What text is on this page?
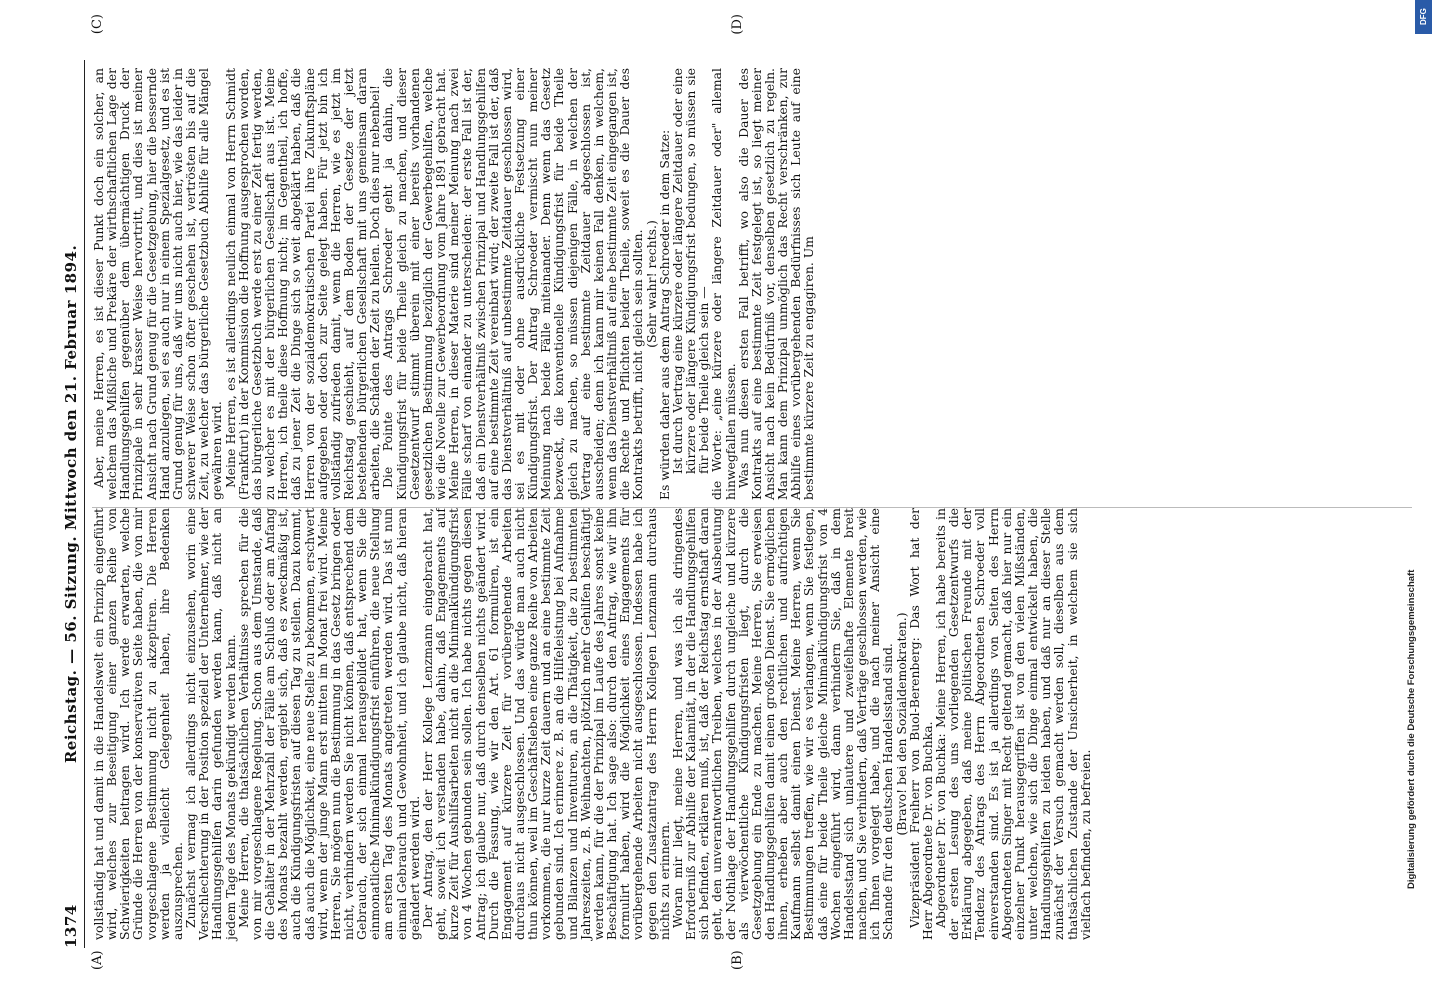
1374
Reichstag. — 56. Sitzung. Mittwoch den 21. Februar 1894. vollständig hat und damit in die Handelswelt ein Prinzip eingeführt wird, welches zur Beseitigung einer ganzen Reihe von Schwierigkeiten beitragen wird. Ich werde erwarten, welche Gründe die Herren von der konservativen Seite haben, die von mir vorgeschlagene Bestimmung nicht zu akzeptiren. Die Herren werden ja vielleicht Gelegenheit haben, ihre Bedenken auszusprechen.

Zunächst vermag ich allerdings nicht einzusehen, worin eine Verschlechterung in der Position speziell der Unternehmer, wie der Handlungsgehilfen darin gefunden werden kann, daß nicht an jedem Tage des Monats gekündigt werden kann.

Meine Herren, die thatsächlichen Verhältnisse sprechen für die von mir vorgeschlagene Regelung. Schon aus dem Umstande, daß die Gehälter in der Mehrzahl der Fälle am Schluß oder am Anfang des Monats bezahlt werden, ergiebt sich, daß es zweckmäßig ist, auch die Kündigungsfristen auf diesen Tag zu stellen. Dazu kommt, daß auch die Möglichkeit, eine neue Stelle zu bekommen, erschwert wird, wenn der junge Mann erst mitten im Monat frei wird. Meine Herren, Sie mögen nun die Bestimmung in das Gesetz bringen oder nicht, verhindern werden Sie nicht können, daß entsprechend dem Gebrauch, der sich einmal herausgebildet hat, wenn Sie die einmonatliche Minimalkündigungsfrist einführen, die neue Stellung am ersten Tag des Monats angetreten werden wird. Das ist nun einmal Gebrauch und Gewohnheit, und ich glaube nicht, daß hieran geändert werden wird.

Der Antrag, den der Herr Kollege Lenzmann eingebracht hat, geht, soweit ich verstanden habe, dahin, daß Engagements auf kurze Zeit für Aushilfsarbeiten nicht an die Minimalkündigungsfrist von 4 Wochen gebunden sein sollen. Ich habe nichts gegen diesen Antrag; ich glaube nur, daß durch denselben nichts geändert wird. Durch die Fassung, wie wir den Art. 61 formuliren, ist ein Engagement auf kürzere Zeit für vorübergehende Arbeiten durchaus nicht ausgeschlossen. Und das würde man auch nicht thun können, weil im Geschäftsleben eine ganze Reihe von Arbeiten vorkommen, die nur kurze Zeit dauern und an eine bestimmte Zeit gebunden sind. Ich erinnere z. B. an die Hilfeleistung bei Aufnahme und Bilanzen und Inventuren, an die Thätigkeit, die zu bestimmten Jahreszeiten, z. B. Weihnachten, plötzlich mehr Gehilfen beschäftigt werden kann, für die der Prinzipal im Laufe des Jahres sonst keine Beschäftigung hat. Ich sage also: durch den Antrag, wie wir ihn formulirt haben, wird die Möglichkeit eines Engagements für vorübergehende Arbeiten nicht ausgeschlossen. Indessen habe ich gegen den Zusatzantrag des Herrn Kollegen Lenzmann durchaus nichts zu erinnern.

Woran mir liegt, meine Herren, und was ich als dringendes Erforderniß zur Abhilfe der Kalamität, in der die Handlungsgehilfen sich befinden, erklären muß, ist, daß der Reichstag ernsthaft daran geht, den unverantwortlichen Treiben, welches in der Ausbeutung der Nothlage der Handlungsgehilfen durch ungleiche und kürzere als vierwöchentliche Kündigungsfristen liegt, durch die Gesetzgebung ein Ende zu machen. Meine Herren, Sie erweisen den Handlungsgehilfen damit einen großen Dienst. Sie ermöglichen ihnen, erheben aber auch den rechtlichen und aufrichtigen Kaufmann selbst damit einen Dienst. Meine Herren, wenn Sie Bestimmungen treffen, wie wir es verlangen, wenn Sie festlegen, daß eine für beide Theile gleiche Minimalkündigungsfrist von 4 Wochen eingeführt wird, dann verhindern Sie, daß in dem Handelsstand sich unlautere und zweifelhafte Elemente breit machen, und Sie verhindern, daß Verträge geschlossen werden, wie ich Ihnen vorgelegt habe, und die nach meiner Ansicht eine Schande für den deutschen Handelsstand sind.

(Bravo! bei den Sozialdemokraten.)

Vizepräsident Freiherr von Buol-Berenberg: Das Wort hat der Herr Abgeordnete Dr. von Buchka.

Abgeordneter Dr. von Buchka: Meine Herren, ich habe bereits in der ersten Lesung des uns vorliegenden Gesetzentwurfs die Erklärung abgegeben, daß meine politischen Freunde mit der Tendenz des Antrags des Herrn Abgeordneten Schroeder voll einverstanden sind. Es ist ja allerdings von Seiten des Herrn Abgeordneten Singer mit Recht geltend gemacht, daß hier nur ein einzelner Punkt herausgegriffen ist von den vielen Mißständen, unter welchen, wie sich die Dinge einmal entwickelt haben, die Handlungsgehilfen zu leiden haben, und daß nur an dieser Stelle zunächst der Versuch gemacht werden soll, dieselben aus dem thatsächlichen Zustande der Unsicherheit, in welchem sie sich vielfach befinden, zu befreien.

Aber, meine Herren, es ist dieser Punkt doch ein solcher, an welchem das Mißliche und Prekäre der wirthschaftlichen Lage der Handlungsgehilfen gegenüber dem übermächtigen Druck der Prinzipale in sehr krasser Weise hervortritt, und dies ist meiner Ansicht nach Grund genug für die Gesetzgebung, hier die bessernde Hand anzulegen, sei es auch nur in einem Spezialgesetz, und es ist Grund genug für uns, daß wir uns nicht auch hier, wie das leider in schwerer Weise schon öfter geschehen ist, vertrösten bis auf die Zeit, zu welcher das bürgerliche Gesetzbuch Abhilfe für alle Mängel gewähren wird.

Meine Herren, es ist allerdings neulich einmal von Herrn Schmidt (Frankfurt) in der Kommission die Hoffnung ausgesprochen worden, das bürgerliche Gesetzbuch werde erst zu einer Zeit fertig werden, zu welcher es mit der bürgerlichen Gesellschaft aus ist. Meine Herren, ich theile diese Hoffnung nicht; im Gegentheil, ich hoffe, daß zu jener Zeit die Dinge sich so weit abgeklärt haben, daß die Herren von der sozialdemokratischen Partei ihre Zukunftspläne aufgegeben oder doch zur Seite gelegt haben. Für jetzt bin ich vollständig zufrieden damit, wenn die Herren, wie es jetzt im Reichstag geschieht, auf dem Boden der Gesetze der jetzt bestehenden bürgerlichen Gesellschaft mit uns gemeinsam daran arbeiten, die Schäden der Zeit zu heilen. Doch dies nur nebenbei!

Die Pointe des Antrags Schroeder geht ja dahin, die Kündigungsfrist für beide Theile gleich zu machen, und dieser Gesetzentwurf stimmt überein mit einer bereits vorhandenen gesetzlichen Bestimmung bezüglich der Gewerbegehilfen, welche wie die Novelle zur Gewerbeordnung vom Jahre 1891 gebracht hat. Meine Herren, in dieser Materie sind meiner Meinung nach zwei Fälle scharf von einander zu unterscheiden: der erste Fall ist der, daß ein Dienstverhältniß zwischen Prinzipal und Handlungsgehilfen auf eine bestimmte Zeit vereinbart wird; der zweite Fall ist der, daß das Dienstverhältniß auf unbestimmte Zeitdauer geschlossen wird, sei es mit oder ohne ausdrückliche Festsetzung einer Kündigungsfrist. Der Antrag Schroeder vermischt nun meiner Meinung nach beide Fälle miteinander. Denn wenn das Gesetz bezweckt, die konventionelle Kündigungsfrist für beide Theile gleich zu machen, so müssen diejenigen Fälle, in welchen der Vertrag auf eine bestimmte Zeitdauer abgeschlossen ist, ausscheiden; denn ich kann mir keinen Fall denken, in welchem, wenn das Dienstverhältniß auf eine bestimmte Zeit eingegangen ist, die Rechte und Pflichten beider Theile, soweit es die Dauer des Kontrakts betrifft, nicht gleich sein sollten.

(Sehr wahr! rechts.)

Es würden daher aus dem Antrag Schroeder in dem Satze:

Ist durch Vertrag eine kürzere oder längere Zeitdauer oder eine kürzere oder längere Kündigungsfrist bedungen, so müssen sie für beide Theile gleich sein —

die Worte: „eine kürzere oder längere Zeitdauer oder" allemal hinwegfallen müssen.

Was nun diesen ersten Fall betrifft, wo also die Dauer des Kontrakts auf eine bestimmte Zeit festgelegt ist, so liegt meiner Ansicht nach kein Bedürfniß vor, denselben gesetzlich zu regeln. Man kann dem Prinzipal unmöglich das Recht verschränken, zur Abhilfe eines vorübergehenden Bedürfnisses sich Leute auf eine bestimmte kürzere Zeit zu engagiren. Um

(A)	(B)
(C)	(D)
Digitalisierung gefördert durch die Deutsche Forschungsgemeinschaft
DFG
